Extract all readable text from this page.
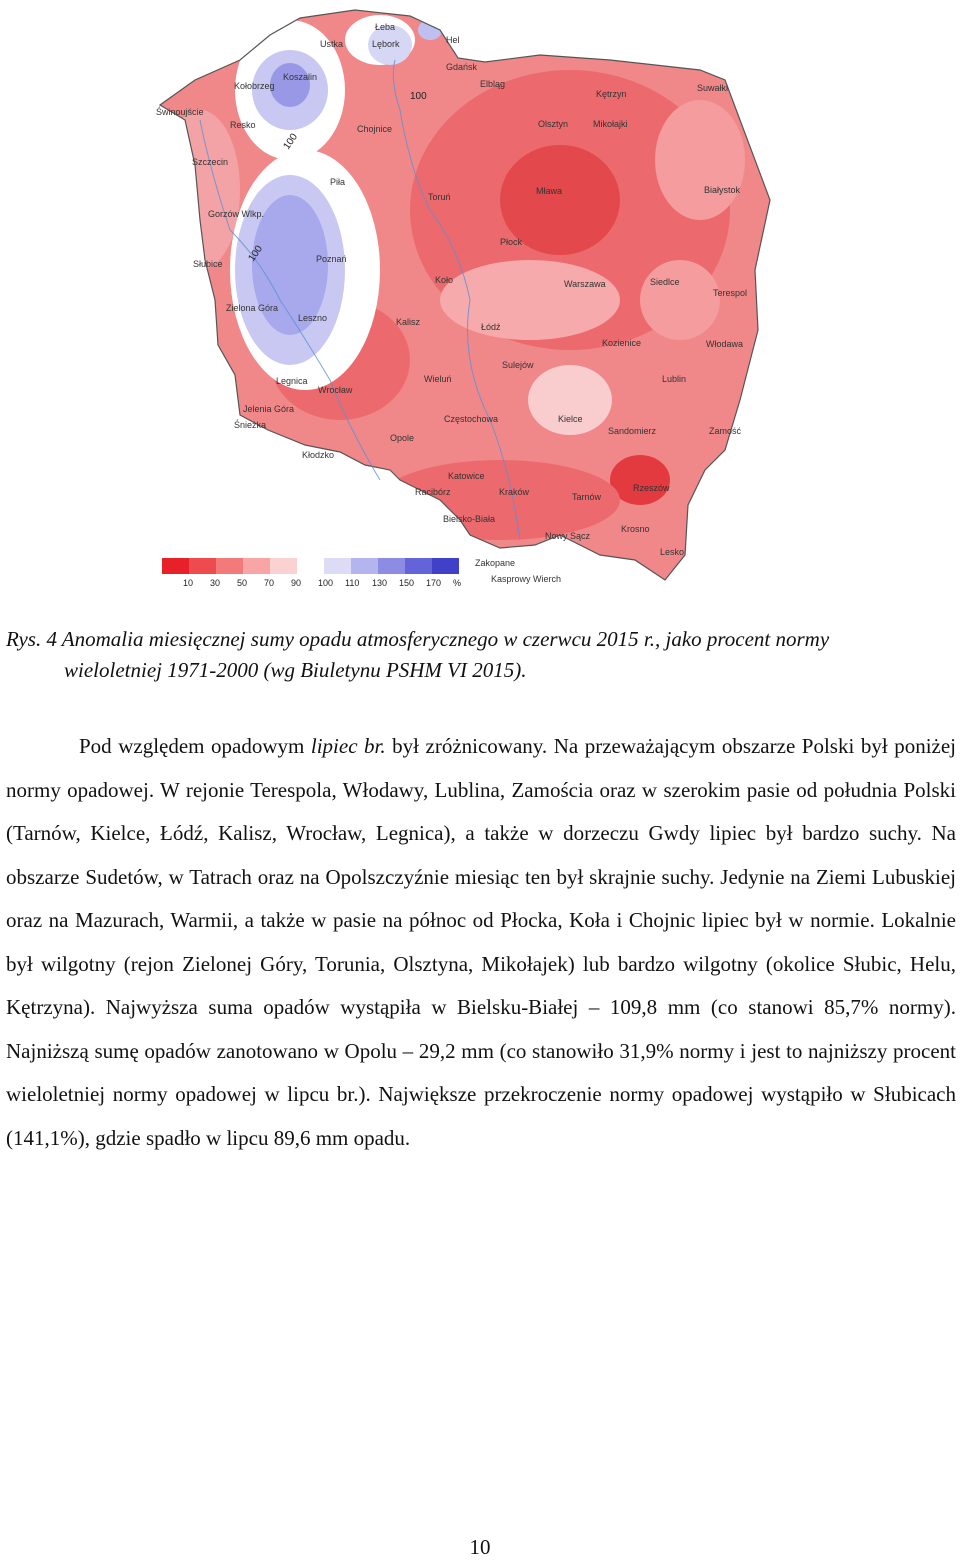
100
100
100
Łeba
Ustka	Lębork	Hel
Gdańsk
Koszalin
Kołobrzeg	Elbląg
Kętrzyn
Suwałki
Świnoujście
Resko	Chojnice	Olsztyn	Mikołajki
Szczecin
Piła
Toruń
Mława	Białystok
Gorzów Wlkp.
Płock
Słubice	Poznań
Koło	Warszawa	Siedlce
Terespol
Zielona Góra
Leszno	Kalisz	Łódź
Kozienice	Włodawa
Sulejów
Legnica	Wieluń	Lublin
Wrocław
Jelenia Góra
Śnieżka
Częstochowa	Kielce
Sandomierz	Zamość
Opole
Kłodzko
Katowice
Racibórz	Kraków	Tarnów
Rzeszów
Bielsko-Biała
Krosno
Nowy Sącz
Lesko
Zakopane
Kasprowy Wierch
10 30 50 70 90 100 110 130 150 170 %
Rys. 4 Anomalia miesięcznej sumy opadu atmosferycznego w czerwcu 2015 r., jako procent normy
wieloletniej 1971-2000 (wg Biuletynu PSHM VI 2015).

Pod względem opadowym lipiec br. był zróżnicowany. Na przeważającym obszarze Polski był poniżej normy opadowej. W rejonie Terespola, Włodawy, Lublina, Zamościa oraz w szerokim pasie od południa Polski (Tarnów, Kielce, Łódź, Kalisz, Wrocław, Legnica), a także w dorzeczu Gwdy lipiec był bardzo suchy. Na obszarze Sudetów, w Tatrach oraz na Opolszczyźnie miesiąc ten był skrajnie suchy. Jedynie na Ziemi Lubuskiej oraz na Mazurach, Warmii, a także w pasie na północ od Płocka, Koła i Chojnic lipiec był w normie. Lokalnie był wilgotny (rejon Zielonej Góry, Torunia, Olsztyna, Mikołajek) lub bardzo wilgotny (okolice Słubic, Helu, Kętrzyna). Najwyższa suma opadów wystąpiła w Bielsku-Białej – 109,8 mm (co stanowi 85,7% normy). Najniższą sumę opadów zanotowano w Opolu – 29,2 mm (co stanowiło 31,9% normy i jest to najniższy procent wieloletniej normy opadowej w lipcu br.). Największe przekroczenie normy opadowej wystąpiło w Słubicach (141,1%), gdzie spadło w lipcu 89,6 mm opadu.

10
